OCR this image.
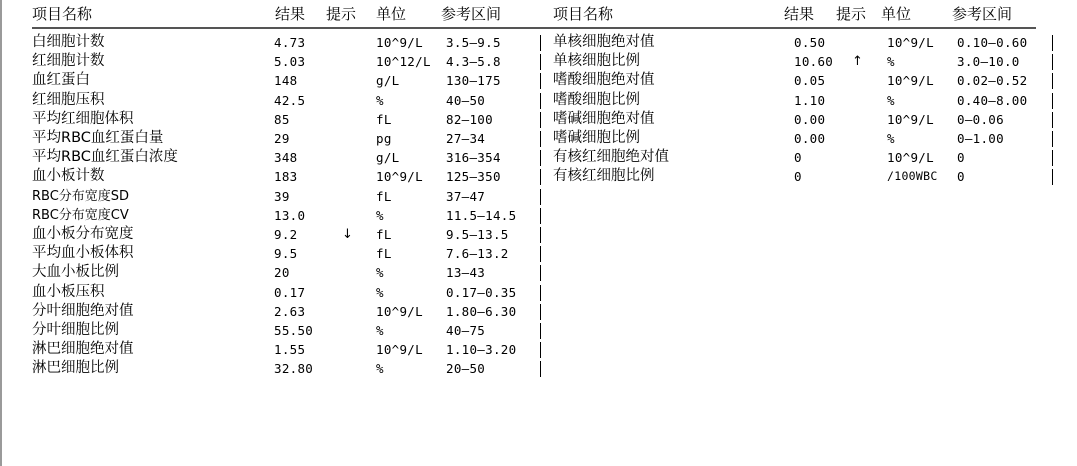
项目名称	结果 提示 单位 参考区间	项目名称	结果 提示 单位	参考区间
白细胞计数	4.73	10^9/L 3.5—9.5
红细胞计数	5.03	10^12/L 4.3—5.8
血红蛋白	148	g/L	130—175
红细胞压积	42.5	%	40—50
平均红细胞体积	85	fL	82—100
平均RBC血红蛋白量	29	pg	27—34
平均RBC血红蛋白浓度	348	g/L	316—354
血小板计数	183	10^9/L 125—350
RBC分布宽度SD	39	fL	37—47
RBC分布宽度CV	13.0	%	11.5—14.5
血小板分布宽度	9.2	↓ fL	9.5—13.5
平均血小板体积	9.5	fL	7.6—13.2
大血小板比例	20	%	13—43
血小板压积	0.17	%	0.17—0.35
分叶细胞绝对值	2.63	10^9/L 1.80—6.30
分叶细胞比例	55.50	%	40—75
淋巴细胞绝对值	1.55	10^9/L 1.10—3.20
淋巴细胞比例	32.80	%	20—50
单核细胞绝对值	0.50	10^9/L 0.10—0.60
单核细胞比例	10.60 ↑ %	3.0—10.0
嗜酸细胞绝对值	0.05	10^9/L 0.02—0.52
嗜酸细胞比例	1.10	%	0.40—8.00
嗜碱细胞绝对值	0.00	10^9/L 0—0.06
嗜碱细胞比例	0.00	%	0—1.00
有核红细胞绝对值	0	10^9/L 0
有核红细胞比例	0	/100WBC 0
